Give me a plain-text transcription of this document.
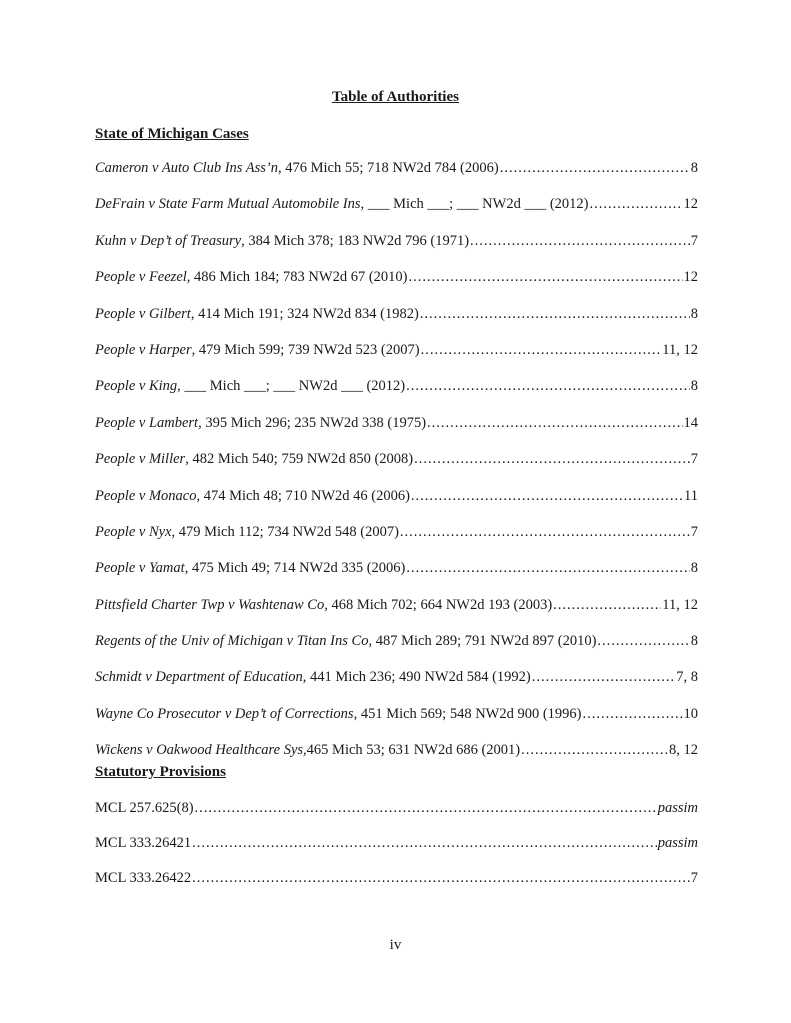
Table of Authorities
State of Michigan Cases
Cameron v Auto Club Ins Ass’n , 476 Mich 55; 718 NW2d 784 (2006) .....	8
DeFrain v State Farm Mutual Automobile Ins , ___ Mich ___; ___ NW2d ___ (2012) .....	12
Kuhn v Dep’t of Treasury , 384 Mich 378; 183 NW2d 796 (1971) .....	7
People v Feezel , 486 Mich 184; 783 NW2d 67 (2010) .....	12
People v Gilbert , 414 Mich 191; 324 NW2d 834 (1982) .....	8
People v Harper , 479 Mich 599; 739 NW2d 523 (2007) .....	11, 12
People v King , ___ Mich ___; ___ NW2d ___ (2012) .....	8
People v Lambert , 395 Mich 296; 235 NW2d 338 (1975) .....	14
People v Miller , 482 Mich 540; 759 NW2d 850 (2008) .....	7
People v Monaco , 474 Mich 48; 710 NW2d 46 (2006) .....	11
People v Nyx , 479 Mich 112; 734 NW2d 548 (2007) .....	7
People v Yamat , 475 Mich 49; 714 NW2d 335 (2006) .....	8
Pittsfield Charter Twp v Washtenaw Co , 468 Mich 702; 664 NW2d 193 (2003) .....	11, 12
Regents of the Univ of Michigan v Titan Ins Co , 487 Mich 289; 791 NW2d 897 (2010) .....	8
Schmidt v Department of Education , 441 Mich 236; 490 NW2d 584 (1992) .....	7, 8
Wayne Co Prosecutor v Dep’t of Corrections , 451 Mich 569; 548 NW2d 900 (1996) .....	10
Wickens v Oakwood Healthcare Sys, 465 Mich 53; 631 NW2d 686 (2001) .....	8, 12
Statutory Provisions
MCL 257.625(8) .....	passim
MCL 333.26421 .....	passim
MCL 333.26422 .....	7
iv
